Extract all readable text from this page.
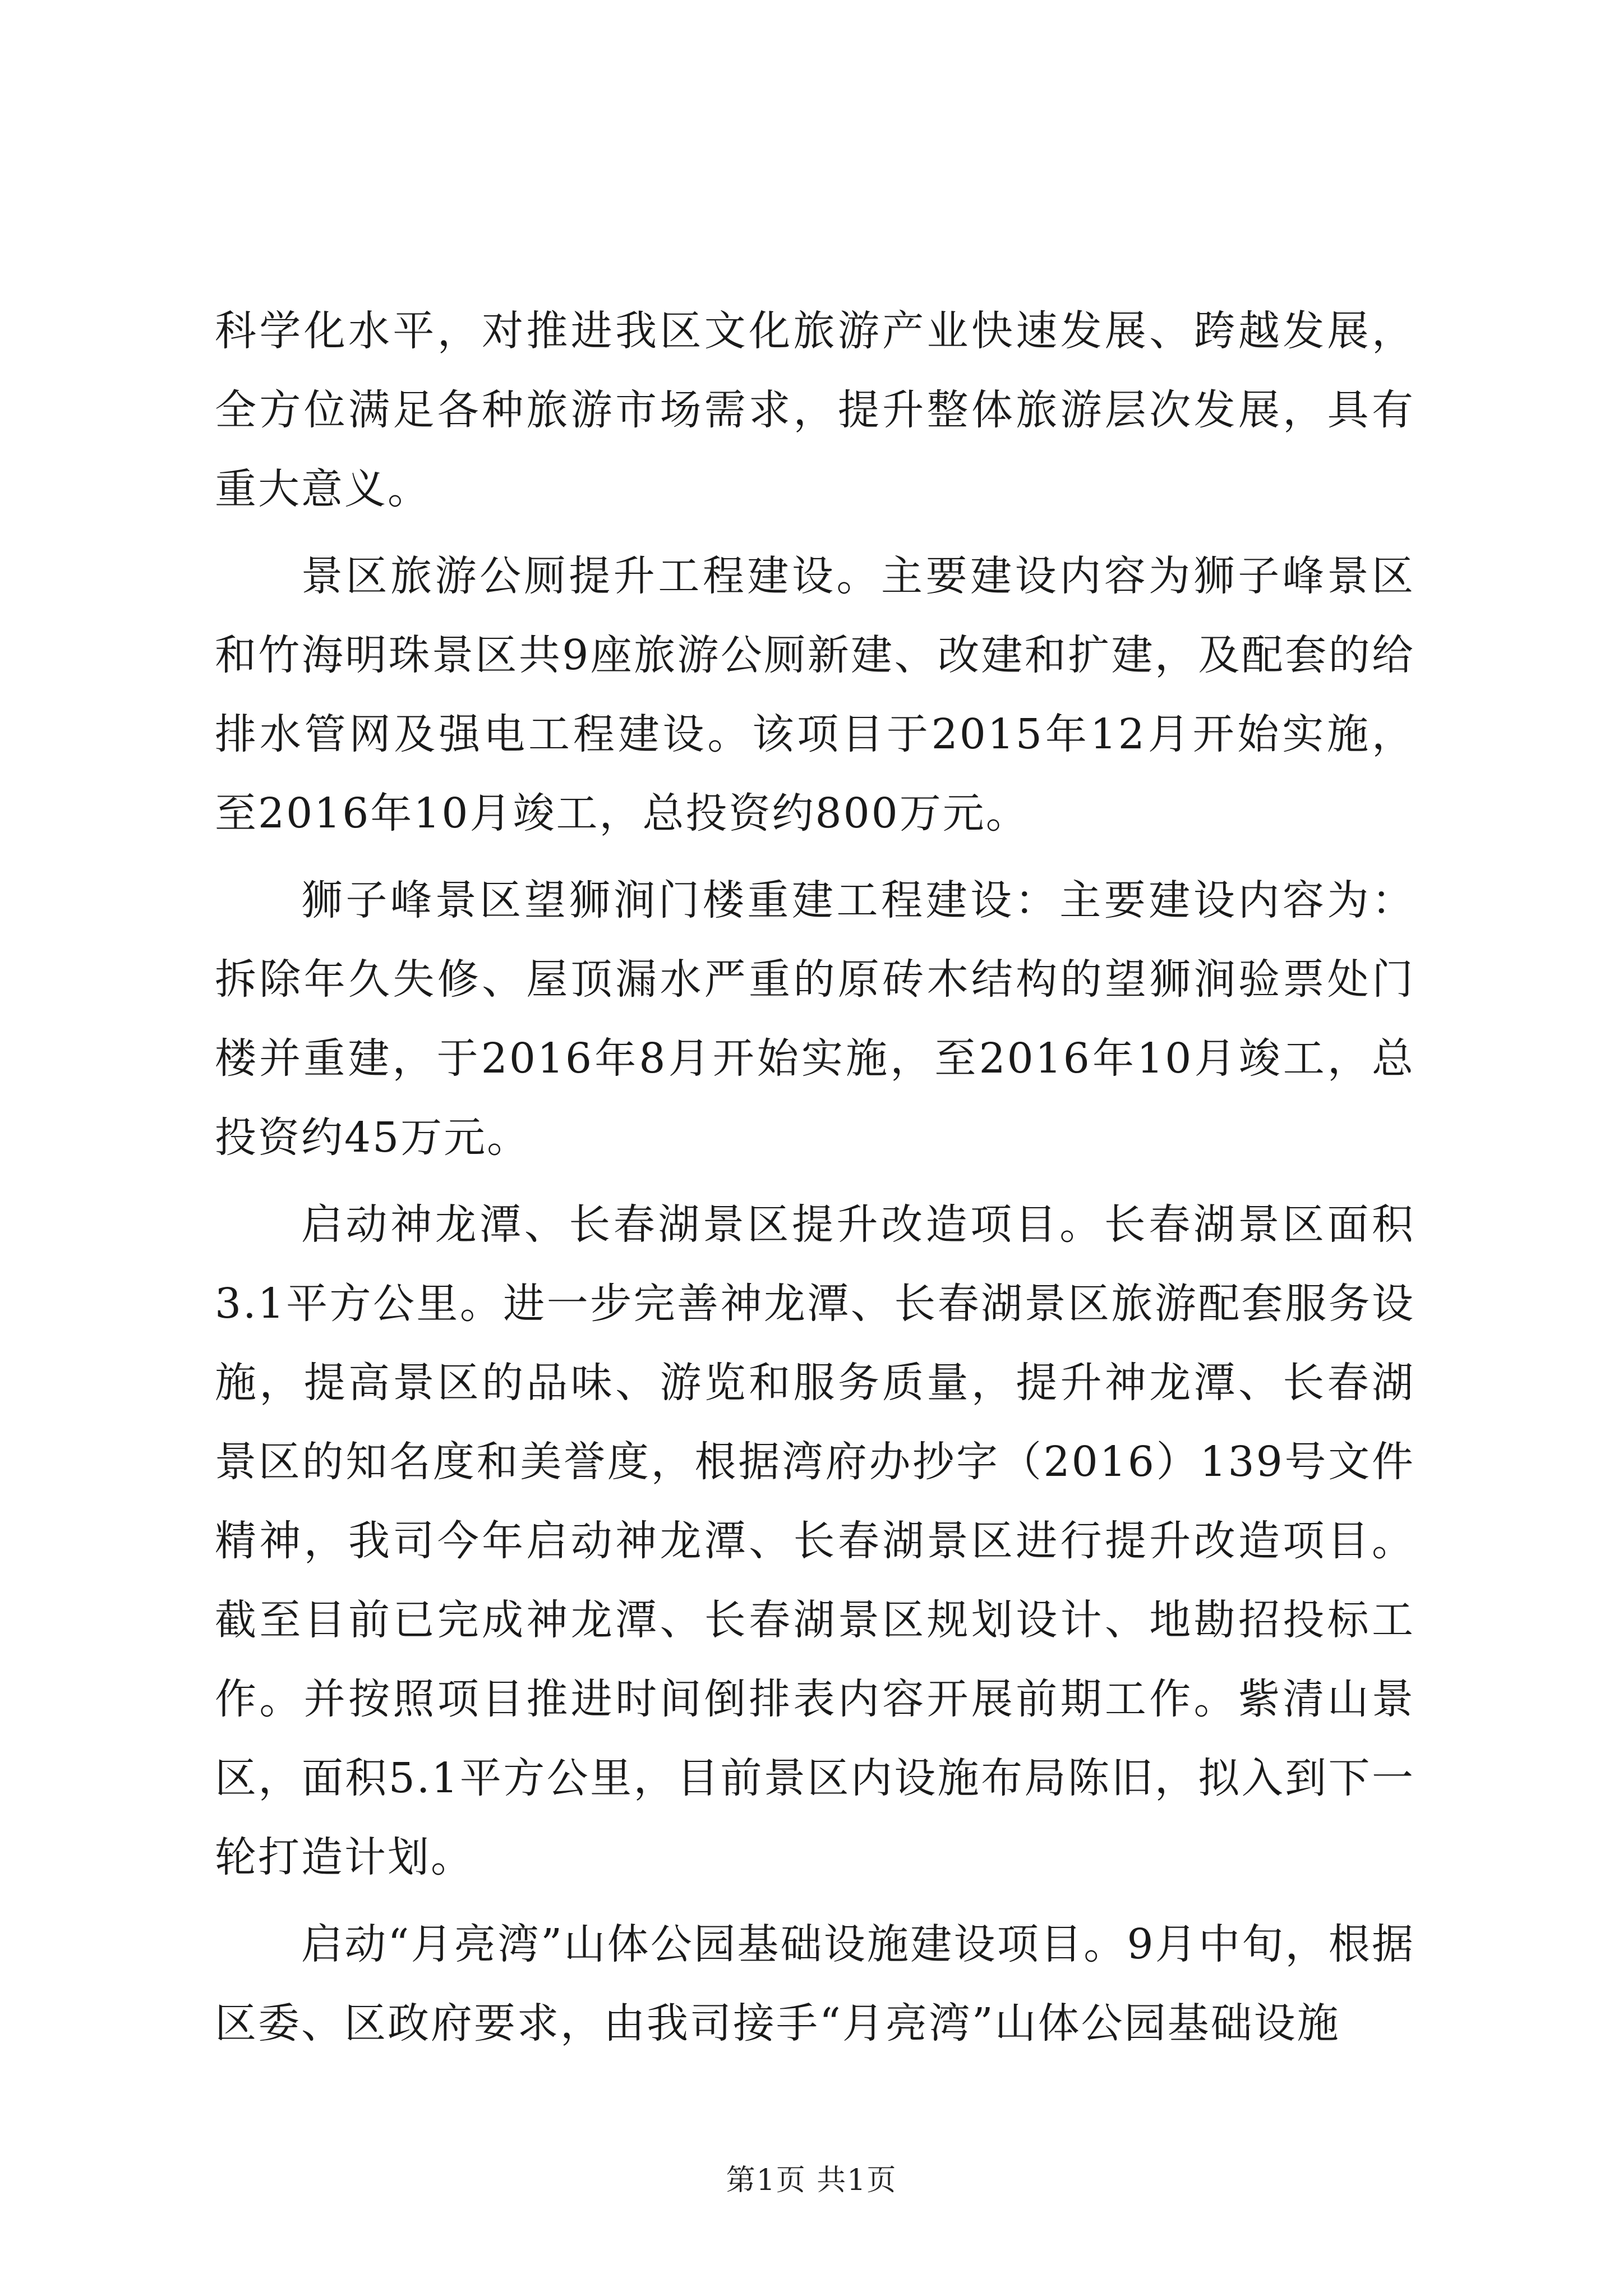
科学化水平，对推进我区文化旅游产业快速发展、跨越发展，全方位满足各种旅游市场需求，提升整体旅游层次发展，具有重大意义。

景区旅游公厕提升工程建设。主要建设内容为狮子峰景区和竹海明珠景区共9座旅游公厕新建、改建和扩建，及配套的给排水管网及强电工程建设。该项目于2015年12月开始实施，至2016年10月竣工，总投资约800万元。

狮子峰景区望狮涧门楼重建工程建设：主要建设内容为：拆除年久失修、屋顶漏水严重的原砖木结构的望狮涧验票处门楼并重建，于2016年8月开始实施，至2016年10月竣工，总投资约45万元。

启动神龙潭、长春湖景区提升改造项目。长春湖景区面积3.1平方公里。进一步完善神龙潭、长春湖景区旅游配套服务设施，提高景区的品味、游览和服务质量，提升神龙潭、长春湖景区的知名度和美誉度，根据湾府办抄字（2016）139号文件精神，我司今年启动神龙潭、长春湖景区进行提升改造项目。截至目前已完成神龙潭、长春湖景区规划设计、地勘招投标工作。并按照项目推进时间倒排表内容开展前期工作。紫清山景区，面积5.1平方公里，目前景区内设施布局陈旧，拟入到下一轮打造计划。

启动“月亮湾”山体公园基础设施建设项目。9月中旬，根据区委、区政府要求，由我司接手“月亮湾”山体公园基础设施

第1页 共1页
